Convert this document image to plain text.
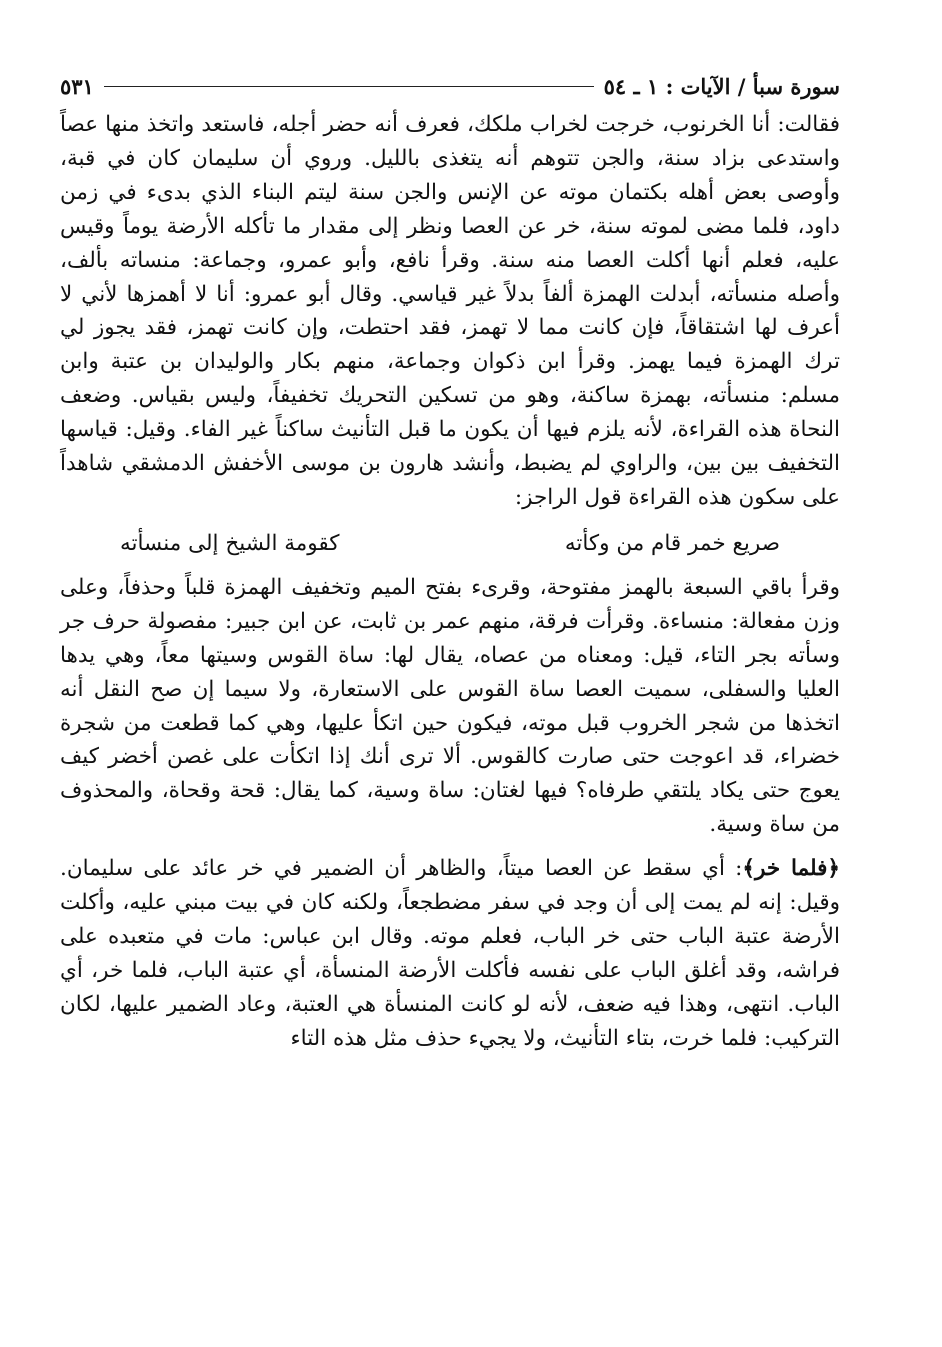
سورة سبأ / الآيات : ١ ـ ٥٤
٥٣١

فقالت: أنا الخرنوب، خرجت لخراب ملكك، فعرف أنه حضر أجله، فاستعد واتخذ منها عصاً واستدعى بزاد سنة، والجن تتوهم أنه يتغذى بالليل. وروي أن سليمان كان في قبة، وأوصى بعض أهله بكتمان موته عن الإنس والجن سنة ليتم البناء الذي بدىء في زمن داود، فلما مضى لموته سنة، خر عن العصا ونظر إلى مقدار ما تأكله الأرضة يوماً وقيس عليه، فعلم أنها أكلت العصا منه سنة. وقرأ نافع، وأبو عمرو، وجماعة: منساته بألف، وأصله منسأته، أبدلت الهمزة ألفاً بدلاً غير قياسي. وقال أبو عمرو: أنا لا أهمزها لأني لا أعرف لها اشتقاقاً، فإن كانت مما لا تهمز، فقد احتطت، وإن كانت تهمز، فقد يجوز لي ترك الهمزة فيما يهمز. وقرأ ابن ذكوان وجماعة، منهم بكار والوليدان بن عتبة وابن مسلم: منسأته، بهمزة ساكنة، وهو من تسكين التحريك تخفيفاً، وليس بقياس. وضعف النحاة هذه القراءة، لأنه يلزم فيها أن يكون ما قبل التأنيث ساكناً غير الفاء. وقيل: قياسها التخفيف بين بين، والراوي لم يضبط، وأنشد هارون بن موسى الأخفش الدمشقي شاهداً على سكون هذه القراءة قول الراجز:

صريع خمر قام من وكأته
كقومة الشيخ إلى منسأته

وقرأ باقي السبعة بالهمز مفتوحة، وقرىء بفتح الميم وتخفيف الهمزة قلباً وحذفاً، وعلى وزن مفعالة: منساءة. وقرأت فرقة، منهم عمر بن ثابت، عن ابن جبير: مفصولة حرف جر وسأته بجر التاء، قيل: ومعناه من عصاه، يقال لها: ساة القوس وسيتها معاً، وهي يدها العليا والسفلى، سميت العصا ساة القوس على الاستعارة، ولا سيما إن صح النقل أنه اتخذها من شجر الخروب قبل موته، فيكون حين اتكأ عليها، وهي كما قطعت من شجرة خضراء، قد اعوجت حتى صارت كالقوس. ألا ترى أنك إذا اتكأت على غصن أخضر كيف يعوج حتى يكاد يلتقي طرفاه؟ فيها لغتان: ساة وسية، كما يقال: قحة وقحاة، والمحذوف من ساة وسية.

﴿فلما خر﴾: أي سقط عن العصا ميتاً، والظاهر أن الضمير في خر عائد على سليمان. وقيل: إنه لم يمت إلى أن وجد في سفر مضطجعاً، ولكنه كان في بيت مبني عليه، وأكلت الأرضة عتبة الباب حتى خر الباب، فعلم موته. وقال ابن عباس: مات في متعبده على فراشه، وقد أغلق الباب على نفسه فأكلت الأرضة المنسأة، أي عتبة الباب، فلما خر، أي الباب. انتهى، وهذا فيه ضعف، لأنه لو كانت المنسأة هي العتبة، وعاد الضمير عليها، لكان التركيب: فلما خرت، بتاء التأنيث، ولا يجيء حذف مثل هذه التاء
